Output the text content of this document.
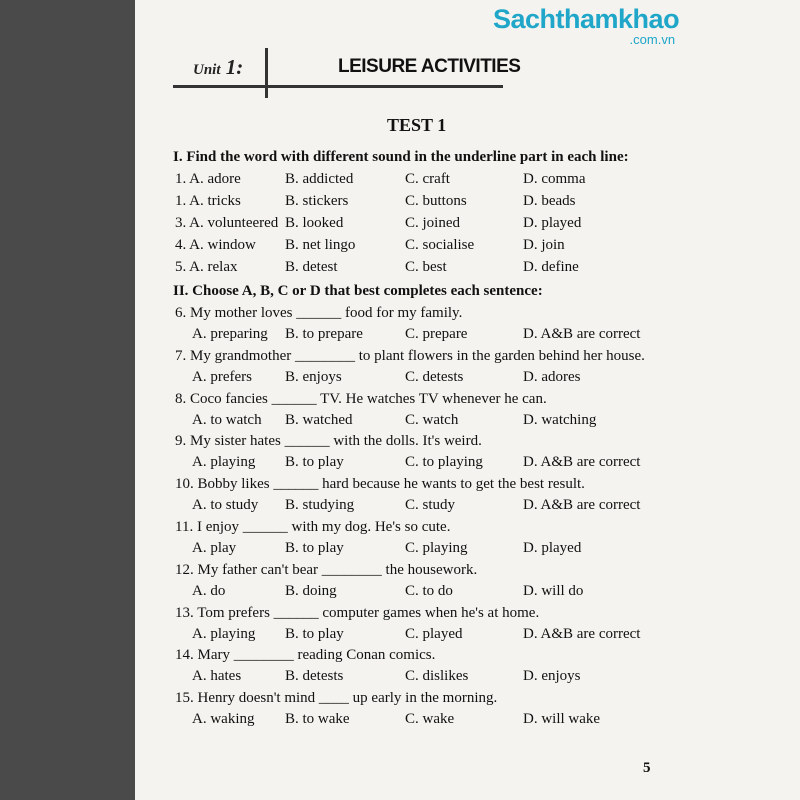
Sachthamkhao
.com.vn
Unit 1:	LEISURE ACTIVITIES
TEST 1
I. Find the word with different sound in the underline part in each line:
1. A. adore	B. addicted	C. craft	D. comma
1. A. tricks	B. stickers	C. buttons	D. beads
3. A. volunteered B. looked	C. joined	D. played
4. A. window B. net lingo	C. socialise	D. join
5. A. relax	B. detest	C. best	D. define
II. Choose A, B, C or D that best completes each sentence:
6. My mother loves ______ food for my family.
A. preparing B. to prepare	C. prepare	D. A&B are correct
7. My grandmother ________ to plant flowers in the garden behind her house.
A. prefers B. enjoys	C. detests	D. adores
8. Coco fancies ______ TV. He watches TV whenever he can.
A. to watch B. watched	C. watch	D. watching
9. My sister hates ______ with the dolls. It's weird.
A. playing B. to play	C. to playing	D. A&B are correct
10. Bobby likes ______ hard because he wants to get the best result.
A. to study B. studying	C. study	D. A&B are correct
11. I enjoy ______ with my dog. He's so cute.
A. play	B. to play	C. playing	D. played
12. My father can't bear ________ the housework.
A. do	B. doing	C. to do	D. will do
13. Tom prefers ______ computer games when he's at home.
A. playing B. to play	C. played	D. A&B are correct
14. Mary ________ reading Conan comics.
A. hates	B. detests	C. dislikes	D. enjoys
15. Henry doesn't mind ____ up early in the morning.
A. waking B. to wake	C. wake	D. will wake
5
